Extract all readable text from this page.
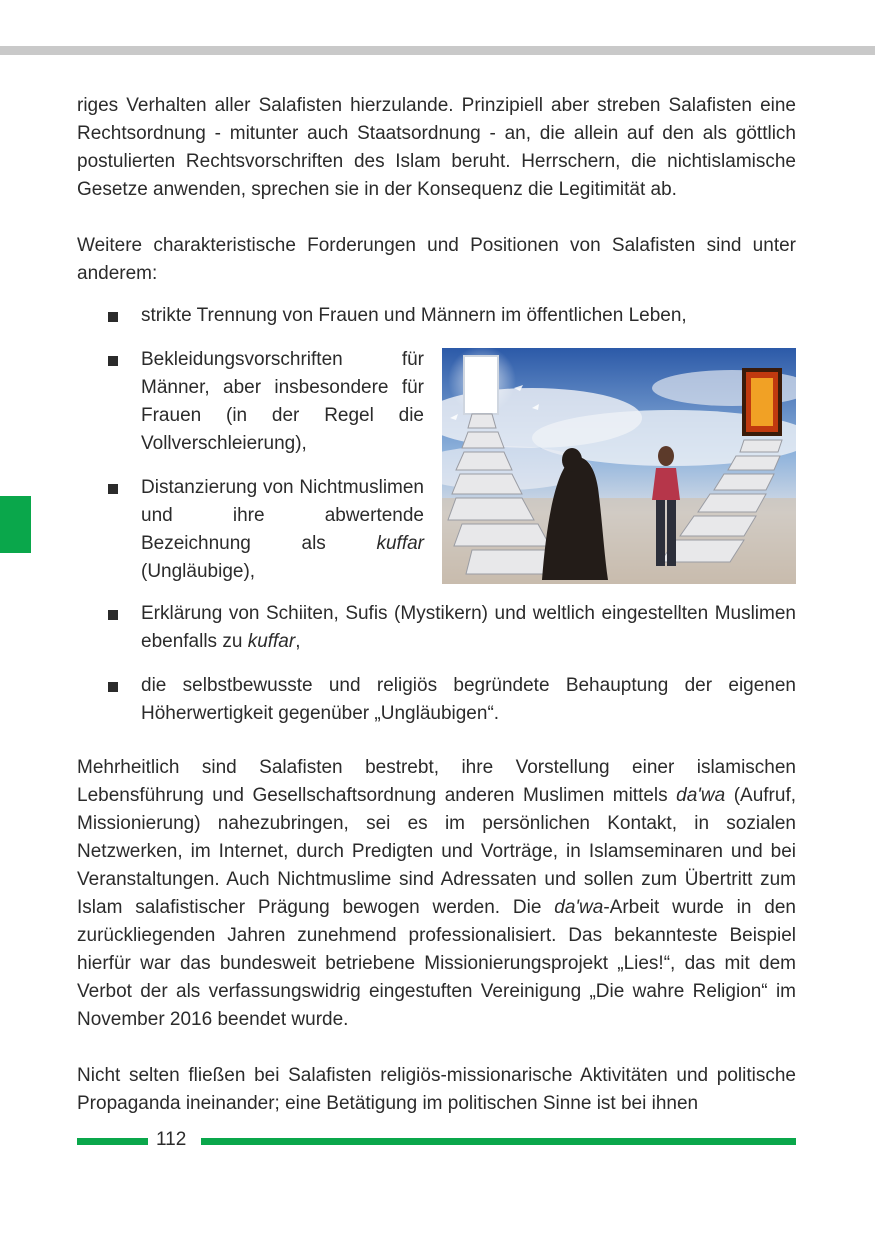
riges Verhalten aller Salafisten hierzulande. Prinzipiell aber streben Salafisten eine Rechtsordnung - mitunter auch Staatsordnung - an, die allein auf den als göttlich postulierten Rechtsvorschriften des Islam beruht. Herrschern, die nichtislamische Gesetze anwenden, sprechen sie in der Konsequenz die Legitimität ab.

Weitere charakteristische Forderungen und Positionen von Salafisten sind unter anderem:

strikte Trennung von Frauen und Männern im öffentlichen Leben,

Bekleidungsvorschriften für Männer, aber insbesondere für Frauen (in der Regel die Vollverschleierung),

Distanzierung von Nichtmuslimen und ihre abwertende Bezeichnung als kuffar (Ungläubige),

Erklärung von Schiiten, Sufis (Mystikern) und weltlich eingestellten Muslimen ebenfalls zu kuffar,

die selbstbewusste und religiös begründete Behauptung der eigenen Höherwertigkeit gegenüber „Ungläubigen“.

Mehrheitlich sind Salafisten bestrebt, ihre Vorstellung einer islamischen Lebensführung und Gesellschaftsordnung anderen Muslimen mittels da'wa (Aufruf, Missionierung) nahezubringen, sei es im persönlichen Kontakt, in sozialen Netzwerken, im Internet, durch Predigten und Vorträge, in Islamseminaren und bei Veranstaltungen. Auch Nichtmuslime sind Adressaten und sollen zum Übertritt zum Islam salafistischer Prägung bewogen werden. Die da'wa-Arbeit wurde in den zurückliegenden Jahren zunehmend professionalisiert. Das bekannteste Beispiel hierfür war das bundesweit betriebene Missionierungsprojekt „Lies!“, das mit dem Verbot der als verfassungswidrig eingestuften Vereinigung „Die wahre Religion“ im November 2016 beendet wurde.

Nicht selten fließen bei Salafisten religiös-missionarische Aktivitäten und politische Propaganda ineinander; eine Betätigung im politischen Sinne ist bei ihnen

112
